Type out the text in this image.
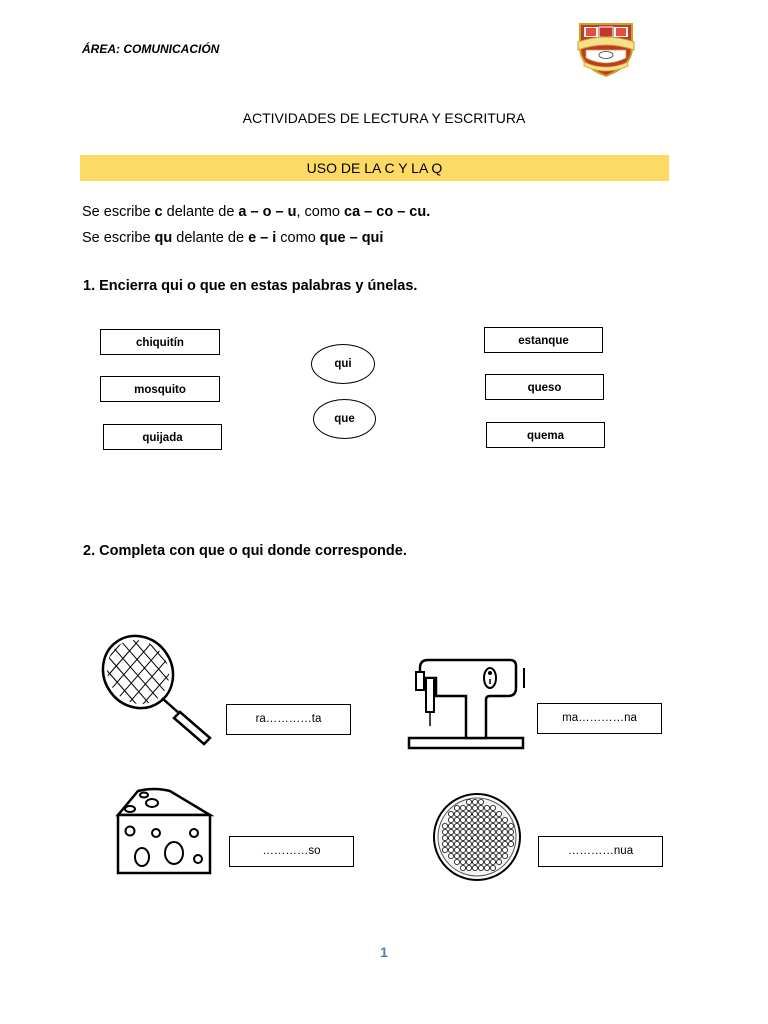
ÁREA: COMUNICACIÓN
ACTIVIDADES DE LECTURA Y ESCRITURA
USO DE LA C Y LA Q
Se escribe c delante de a – o – u, como ca – co – cu.
Se escribe qu delante de e – i como que – qui
1. Encierra qui o que en estas palabras y únelas.
chiquitín
mosquito
quijada
qui
que
estanque
queso
quema
2. Completa con que o qui donde corresponde.
ra…………ta	ma…………na
…………so	…………nua
1
